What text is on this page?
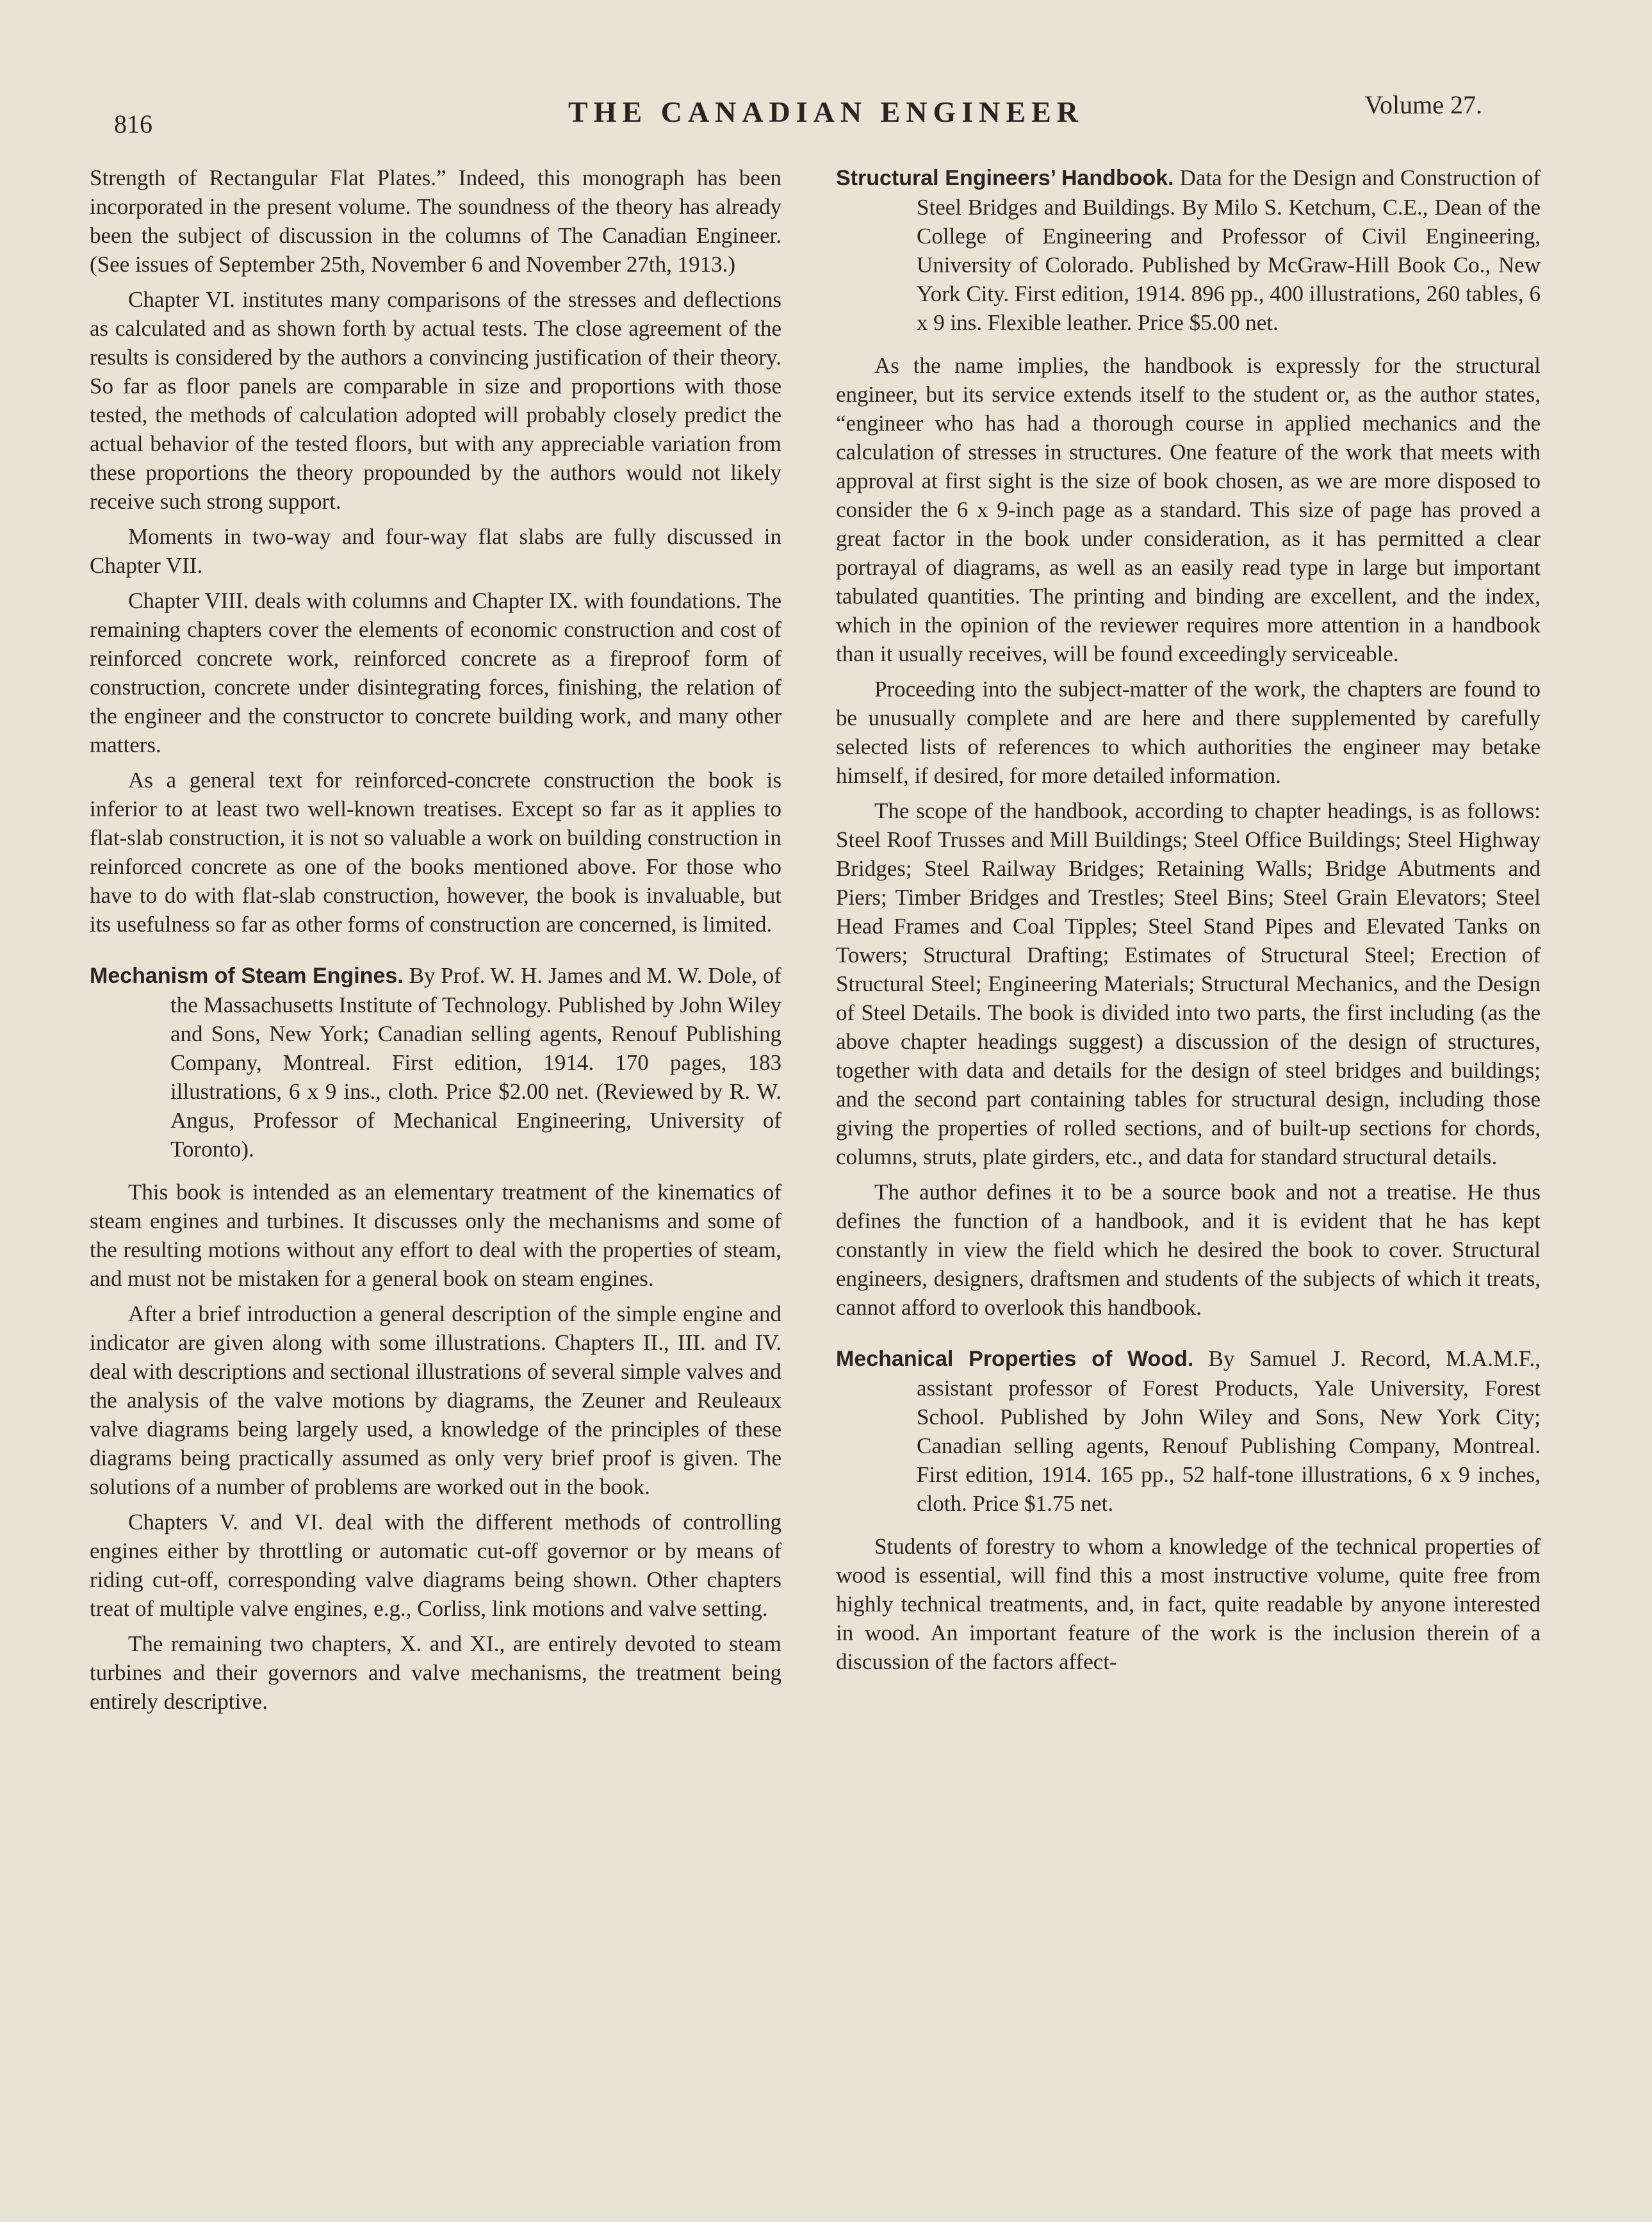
816	THE CANADIAN ENGINEER	Volume 27.

Strength of Rectangular Flat Plates.” Indeed, this monograph has been incorporated in the present volume. The soundness of the theory has already been the subject of discussion in the columns of The Canadian Engineer. (See issues of September 25th, November 6 and November 27th, 1913.)

Chapter VI. institutes many comparisons of the stresses and deflections as calculated and as shown forth by actual tests. The close agreement of the results is considered by the authors a convincing justification of their theory. So far as floor panels are comparable in size and proportions with those tested, the methods of calculation adopted will probably closely predict the actual behavior of the tested floors, but with any appreciable variation from these proportions the theory propounded by the authors would not likely receive such strong support.

Moments in two-way and four-way flat slabs are fully discussed in Chapter VII.

Chapter VIII. deals with columns and Chapter IX. with foundations. The remaining chapters cover the elements of economic construction and cost of reinforced concrete work, reinforced concrete as a fireproof form of construction, concrete under disintegrating forces, finishing, the relation of the engineer and the constructor to concrete building work, and many other matters.

As a general text for reinforced-concrete construction the book is inferior to at least two well-known treatises. Except so far as it applies to flat-slab construction, it is not so valuable a work on building construction in reinforced concrete as one of the books mentioned above. For those who have to do with flat-slab construction, however, the book is invaluable, but its usefulness so far as other forms of construction are concerned, is limited.

Mechanism of Steam Engines. By Prof. W. H. James and M. W. Dole, of the Massachusetts Institute of Technology. Published by John Wiley and Sons, New York; Canadian selling agents, Renouf Publishing Company, Montreal. First edition, 1914. 170 pages, 183 illustrations, 6 x 9 ins., cloth. Price $2.00 net. (Reviewed by R. W. Angus, Professor of Mechanical Engineering, University of Toronto).

This book is intended as an elementary treatment of the kinematics of steam engines and turbines. It discusses only the mechanisms and some of the resulting motions without any effort to deal with the properties of steam, and must not be mistaken for a general book on steam engines.

After a brief introduction a general description of the simple engine and indicator are given along with some illustrations. Chapters II., III. and IV. deal with descriptions and sectional illustrations of several simple valves and the analysis of the valve motions by diagrams, the Zeuner and Reuleaux valve diagrams being largely used, a knowledge of the principles of these diagrams being practically assumed as only very brief proof is given. The solutions of a number of problems are worked out in the book.

Chapters V. and VI. deal with the different methods of controlling engines either by throttling or automatic cut-off governor or by means of riding cut-off, corresponding valve diagrams being shown. Other chapters treat of multiple valve engines, e.g., Corliss, link motions and valve setting.

The remaining two chapters, X. and XI., are entirely devoted to steam turbines and their governors and valve mechanisms, the treatment being entirely descriptive.

Structural Engineers’ Handbook. Data for the Design and Construction of Steel Bridges and Buildings. By Milo S. Ketchum, C.E., Dean of the College of Engineering and Professor of Civil Engineering, University of Colorado. Published by McGraw-Hill Book Co., New York City. First edition, 1914. 896 pp., 400 illustrations, 260 tables, 6 x 9 ins. Flexible leather. Price $5.00 net.

As the name implies, the handbook is expressly for the structural engineer, but its service extends itself to the student or, as the author states, “engineer who has had a thorough course in applied mechanics and the calculation of stresses in structures. One feature of the work that meets with approval at first sight is the size of book chosen, as we are more disposed to consider the 6 x 9-inch page as a standard. This size of page has proved a great factor in the book under consideration, as it has permitted a clear portrayal of diagrams, as well as an easily read type in large but important tabulated quantities. The printing and binding are excellent, and the index, which in the opinion of the reviewer requires more attention in a handbook than it usually receives, will be found exceedingly serviceable.

Proceeding into the subject-matter of the work, the chapters are found to be unusually complete and are here and there supplemented by carefully selected lists of references to which authorities the engineer may betake himself, if desired, for more detailed information.

The scope of the handbook, according to chapter headings, is as follows: Steel Roof Trusses and Mill Buildings; Steel Office Buildings; Steel Highway Bridges; Steel Railway Bridges; Retaining Walls; Bridge Abutments and Piers; Timber Bridges and Trestles; Steel Bins; Steel Grain Elevators; Steel Head Frames and Coal Tipples; Steel Stand Pipes and Elevated Tanks on Towers; Structural Drafting; Estimates of Structural Steel; Erection of Structural Steel; Engineering Materials; Structural Mechanics, and the Design of Steel Details. The book is divided into two parts, the first including (as the above chapter headings suggest) a discussion of the design of structures, together with data and details for the design of steel bridges and buildings; and the second part containing tables for structural design, including those giving the properties of rolled sections, and of built-up sections for chords, columns, struts, plate girders, etc., and data for standard structural details.

The author defines it to be a source book and not a treatise. He thus defines the function of a handbook, and it is evident that he has kept constantly in view the field which he desired the book to cover. Structural engineers, designers, draftsmen and students of the subjects of which it treats, cannot afford to overlook this handbook.

Mechanical Properties of Wood. By Samuel J. Record, M.A.M.F., assistant professor of Forest Products, Yale University, Forest School. Published by John Wiley and Sons, New York City; Canadian selling agents, Renouf Publishing Company, Montreal. First edition, 1914. 165 pp., 52 half-tone illustrations, 6 x 9 inches, cloth. Price $1.75 net.

Students of forestry to whom a knowledge of the technical properties of wood is essential, will find this a most instructive volume, quite free from highly technical treatments, and, in fact, quite readable by anyone interested in wood. An important feature of the work is the inclusion therein of a discussion of the factors affect-
